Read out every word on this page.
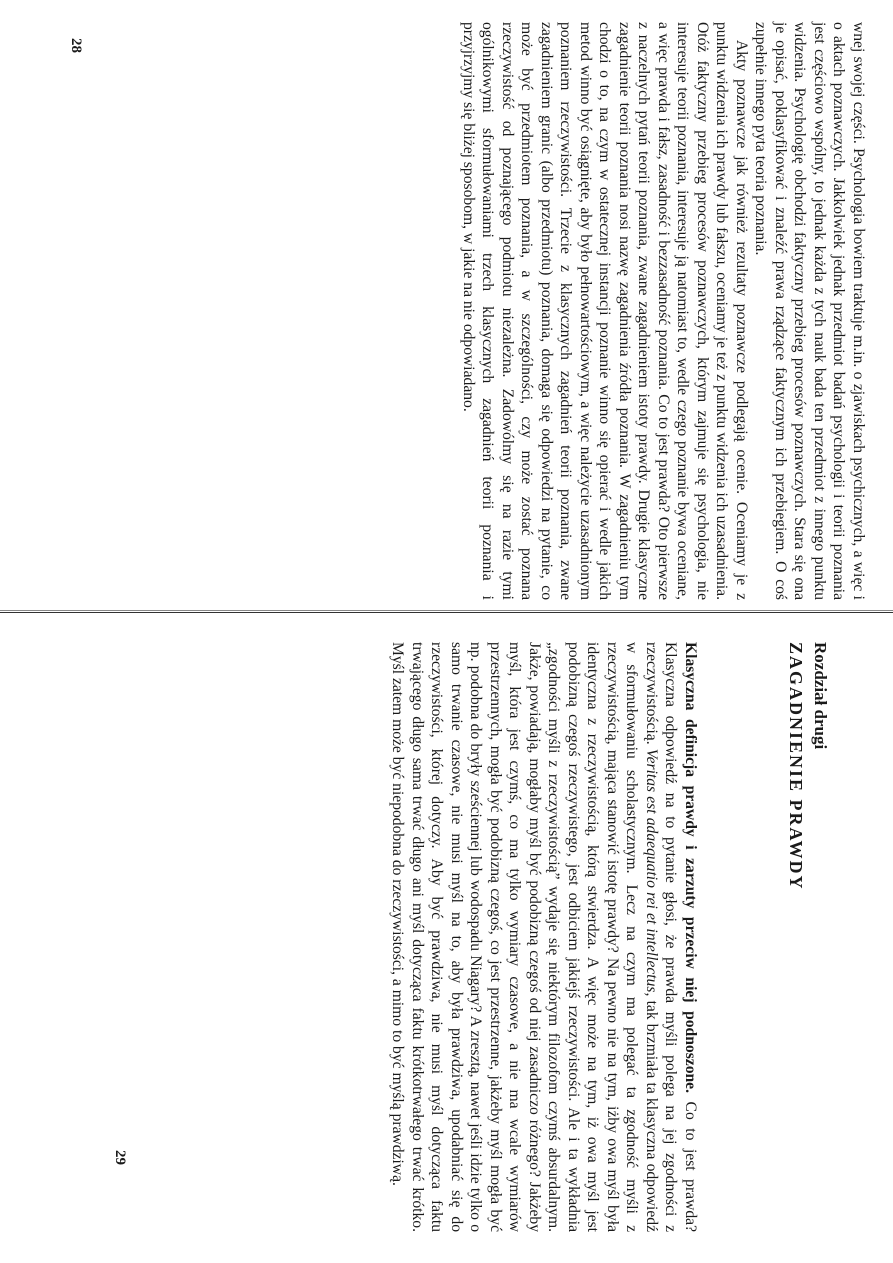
28
29

wnej swojej części. Psychologia bowiem traktuje m.in. o zjawiskach psychicznych, a więc i o aktach poznawczych. Jakkolwiek jednak przedmiot badań psychologii i teorii poznania jest częściowo wspólny, to jednak każda z tych nauk bada ten przedmiot z innego punktu widzenia. Psychologię obchodzi faktyczny przebieg procesów poznawczych. Stara się ona je opisać, poklasyfikować i znaleźć prawa rządzące faktycznym ich przebiegiem. O coś zupełnie innego pyta teoria poznania.

Akty poznawcze jak również rezultaty poznawcze podlegają ocenie. Oceniamy je z punktu widzenia ich prawdy lub fałszu, oceniamy je też z punktu widzenia ich uzasadnienia. Otóż faktyczny przebieg procesów poznawczych, którym zajmuje się psychologia, nie interesuje teorii poznania, interesuje ją natomiast to, wedle czego poznanie bywa oceniane, a więc prawda i fałsz, zasadność i bezzasadność poznania. Co to jest prawda? Oto pierwsze z naczelnych pytań teorii poznania, zwane zagadnieniem istoty prawdy. Drugie klasyczne zagadnienie teorii poznania nosi nazwę zagadnienia źródła poznania. W zagadnieniu tym chodzi o to, na czym w ostatecznej instancji poznanie winno się opierać i wedle jakich metod winno być osiągnięte, aby było pełnowartościowym, a więc należycie uzasadnionym poznaniem rzeczywistości. Trzecie z klasycznych zagadnień teorii poznania, zwane zagadnieniem granic (albo przedmiotu) poznania, domaga się odpowiedzi na pytanie, co może być przedmiotem poznania, a w szczególności, czy może zostać poznana rzeczywistość od poznającego podmiotu niezależna. Zadowólmy się na razie tymi ogólnikowymi sformułowaniami trzech klasycznych zagadnień teorii poznania i przyjrzyjmy się bliżej sposobom, w jakie na nie odpowiadano.

Rozdział drugi
ZAGADNIENIE PRAWDY

Klasyczna definicja prawdy i zarzuty przeciw niej podnoszone. Co to jest prawda? Klasyczna odpowiedź na to pytanie głosi, że prawda myśli polega na jej zgodności z rzeczywistością. Veritas est adaequatio rei et intellectus, tak brzmiała ta klasyczna odpowiedź w sformułowaniu scholastycznym. Lecz na czym ma polegać ta zgodność myśli z rzeczywistością, mająca stanowić istotę prawdy? Na pewno nie na tym, iżby owa myśl była identyczna z rzeczywistością, którą stwierdza. A więc może na tym, iż owa myśl jest podobizną czegoś rzeczywistego, jest odbiciem jakiejś rzeczywistości. Ale i ta wykładnia „zgodności myśli z rzeczywistością” wydaje się niektórym filozofom czymś absurdalnym. Jakże, powiadają, mogłaby myśl być podobizną czegoś od niej zasadniczo różnego? Jakżeby myśl, która jest czymś, co ma tylko wymiary czasowe, a nie ma wcale wymiarów przestrzennych, mogła być podobizną czegoś, co jest przestrzenne, jakżeby myśl mogła być np. podobna do bryły sześciennej lub wodospadu Niagary? A zresztą, nawet jeśli idzie tylko o samo trwanie czasowe, nie musi myśl na to, aby była prawdziwa, upodabniać się do rzeczywistości, której dotyczy. Aby być prawdziwa, nie musi myśl dotycząca faktu trwającego długo sama trwać długo ani myśl dotycząca faktu krótkotrwałego trwać krótko. Myśl zatem może być niepodobna do rzeczywistości, a mimo to być myślą prawdziwą.
